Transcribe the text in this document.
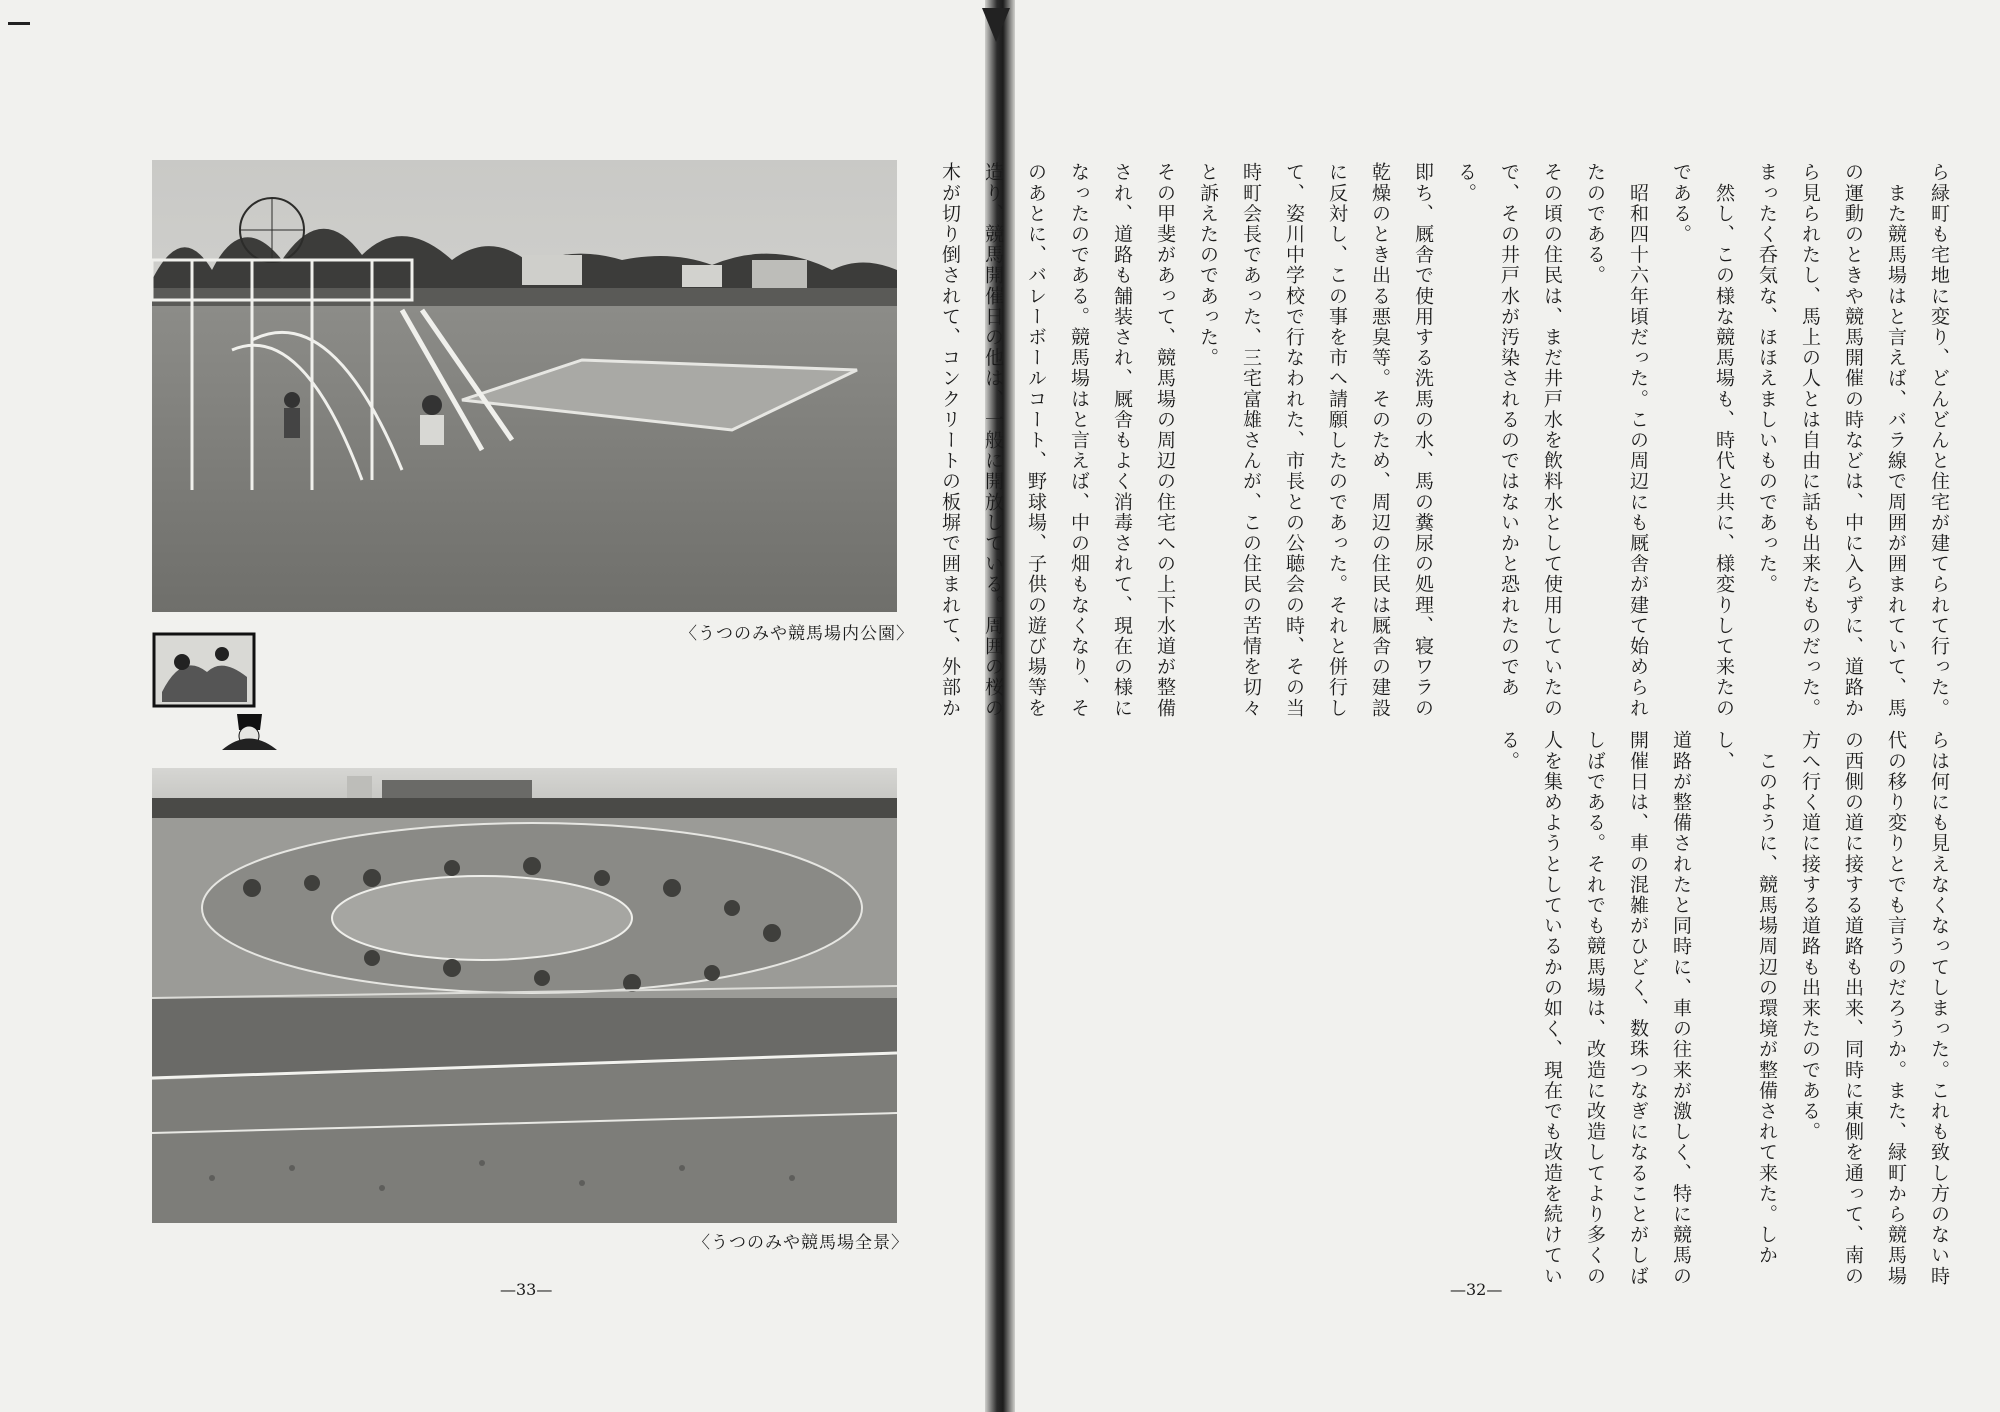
〈うつのみや競馬場内公園〉
〈うつのみや競馬場全景〉
—33—
ら緑町も宅地に変り、どんどんと住宅が建てられて行った。
　また競馬場はと言えば、バラ線で周囲が囲まれていて、馬
の運動のときや競馬開催の時などは、中に入らずに、道路か
ら見られたし、馬上の人とは自由に話も出来たものだった。
まったく呑気な、ほほえましいものであった。
　然し、この様な競馬場も、時代と共に、様変りして来たの
である。
　昭和四十六年頃だった。この周辺にも厩舎が建て始められ
たのである。
その頃の住民は、まだ井戸水を飲料水として使用していたの
で、その井戸水が汚染されるのではないかと恐れたのである。
即ち、厩舎で使用する洗馬の水、馬の糞尿の処理、寝ワラの
乾燥のとき出る悪臭等。そのため、周辺の住民は厩舎の建設
に反対し、この事を市へ請願したのであった。それと併行し
て、姿川中学校で行なわれた、市長との公聴会の時、その当
時町会長であった、三宅富雄さんが、この住民の苦情を切々
と訴えたのであった。
その甲斐があって、競馬場の周辺の住宅への上下水道が整備
され、道路も舗装され、厩舎もよく消毒されて、現在の様に
なったのである。競馬場はと言えば、中の畑もなくなり、そ
のあとに、バレーボールコート、野球場、子供の遊び場等を
造り、競馬開催日の他は、一般に開放している。周囲の桜の
木が切り倒されて、コンクリートの板塀で囲まれて、外部か
らは何にも見えなくなってしまった。これも致し方のない時
代の移り変りとでも言うのだろうか。また、緑町から競馬場
の西側の道に接する道路も出来、同時に東側を通って、南の
方へ行く道に接する道路も出来たのである。
　このように、競馬場周辺の環境が整備されて来た。しかし、
道路が整備されたと同時に、車の往来が激しく、特に競馬の
開催日は、車の混雑がひどく、数珠つなぎになることがしば
しばである。それでも競馬場は、改造に改造してより多くの
人を集めようとしているかの如く、現在でも改造を続けてい
る。
—32—
